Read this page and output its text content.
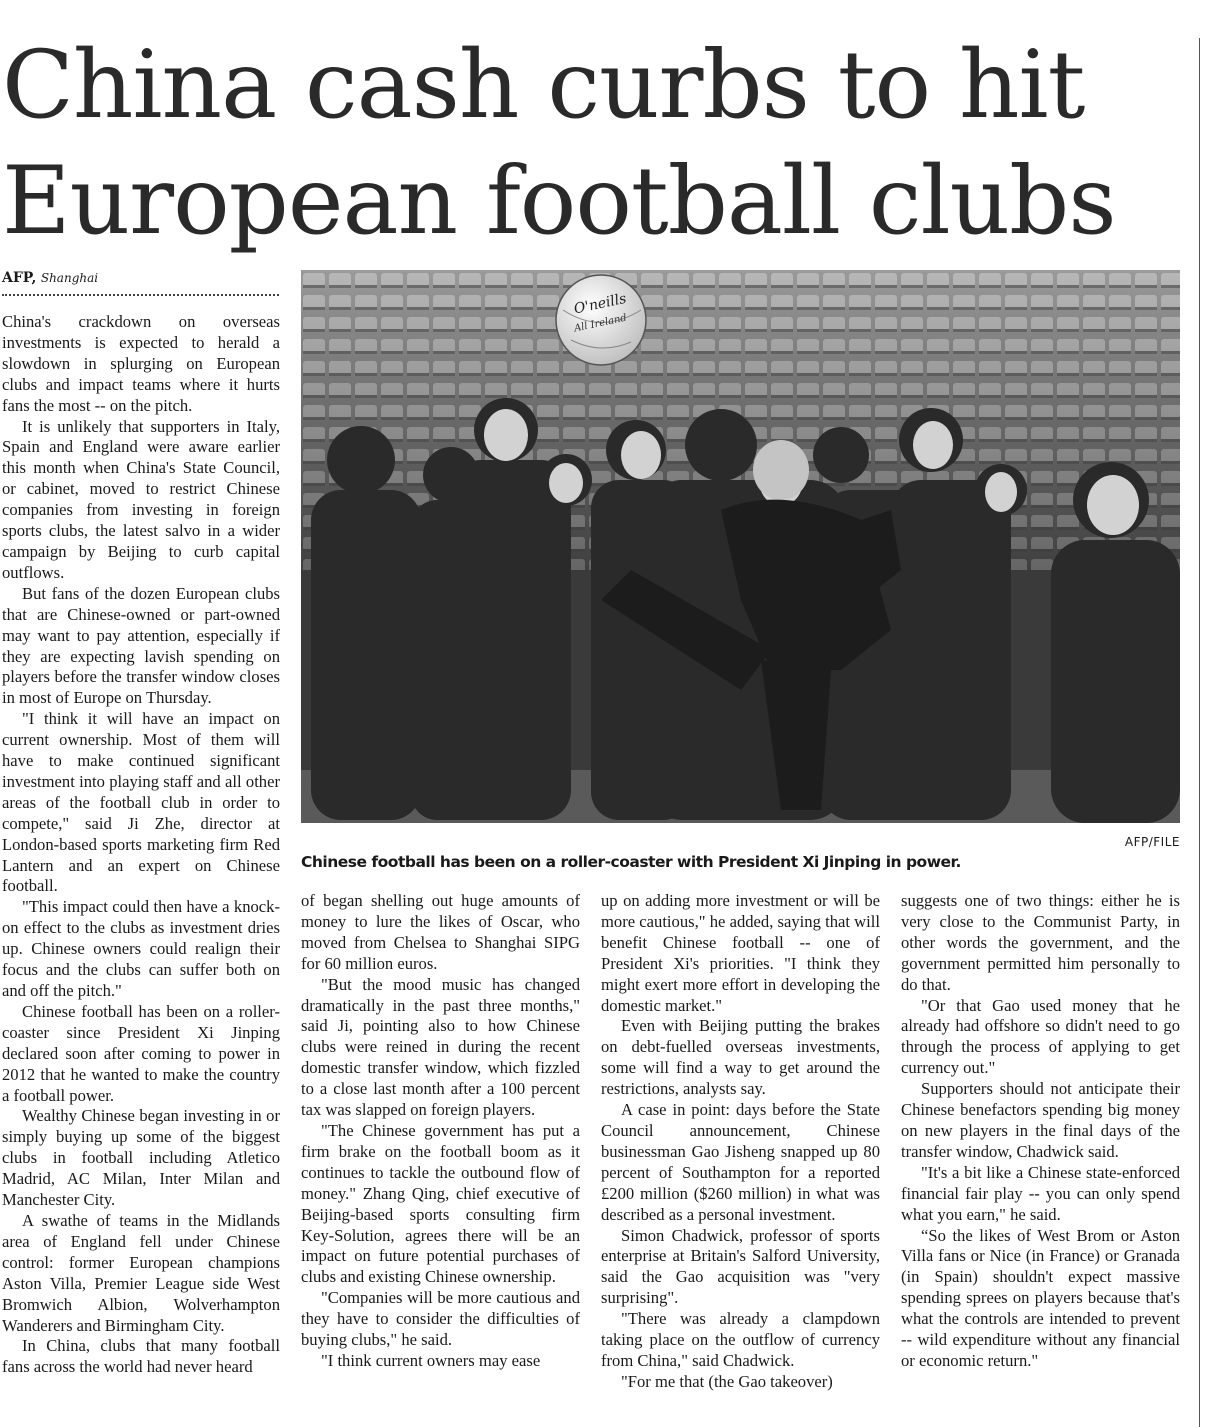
China cash curbs to hit
European football clubs
AFP, Shanghai

China's crackdown on overseas investments is expected to herald a slowdown in splurging on European clubs and impact teams where it hurts fans the most -- on the pitch.

It is unlikely that supporters in Italy, Spain and England were aware earlier this month when China's State Council, or cabinet, moved to restrict Chinese companies from investing in foreign sports clubs, the latest salvo in a wider campaign by Beijing to curb capital outflows.

But fans of the dozen European clubs that are Chinese-owned or part-owned may want to pay attention, especially if they are expecting lavish spending on players before the transfer window closes in most of Europe on Thursday.

"I think it will have an impact on current ownership. Most of them will have to make continued significant investment into playing staff and all other areas of the football club in order to compete," said Ji Zhe, director at London-based sports marketing firm Red Lantern and an expert on Chinese football.

"This impact could then have a knock-on effect to the clubs as investment dries up. Chinese owners could realign their focus and the clubs can suffer both on and off the pitch."

Chinese football has been on a roller-coaster since President Xi Jinping declared soon after coming to power in 2012 that he wanted to make the country a football power.

Wealthy Chinese began investing in or simply buying up some of the biggest clubs in football including Atletico Madrid, AC Milan, Inter Milan and Manchester City.

A swathe of teams in the Midlands area of England fell under Chinese control: former European champions Aston Villa, Premier League side West Bromwich Albion, Wolverhampton Wanderers and Birmingham City.

In China, clubs that many football fans across the world had never heard

O'neills
All Ireland
AFP/FILE
Chinese football has been on a roller-coaster with President Xi Jinping in power.

of began shelling out huge amounts of money to lure the likes of Oscar, who moved from Chelsea to Shanghai SIPG for 60 million euros.

"But the mood music has changed dramatically in the past three months," said Ji, pointing also to how Chinese clubs were reined in during the recent domestic transfer window, which fizzled to a close last month after a 100 percent tax was slapped on foreign players.

"The Chinese government has put a firm brake on the football boom as it continues to tackle the outbound flow of money." Zhang Qing, chief executive of Beijing-based sports consulting firm Key-Solution, agrees there will be an impact on future potential purchases of clubs and existing Chinese ownership.

"Companies will be more cautious and they have to consider the difficulties of buying clubs," he said.

"I think current owners may ease

up on adding more investment or will be more cautious," he added, saying that will benefit Chinese football -- one of President Xi's priorities. "I think they might exert more effort in developing the domestic market."

Even with Beijing putting the brakes on debt-fuelled overseas investments, some will find a way to get around the restrictions, analysts say.

A case in point: days before the State Council announcement, Chinese businessman Gao Jisheng snapped up 80 percent of Southampton for a reported £200 million ($260 million) in what was described as a personal investment.

Simon Chadwick, professor of sports enterprise at Britain's Salford University, said the Gao acquisition was "very surprising".

"There was already a clampdown taking place on the outflow of currency from China," said Chadwick.

"For me that (the Gao takeover)

suggests one of two things: either he is very close to the Communist Party, in other words the government, and the government permitted him personally to do that.

"Or that Gao used money that he already had offshore so didn't need to go through the process of applying to get currency out."

Supporters should not anticipate their Chinese benefactors spending big money on new players in the final days of the transfer window, Chadwick said.

"It's a bit like a Chinese state-enforced financial fair play -- you can only spend what you earn," he said.

“So the likes of West Brom or Aston Villa fans or Nice (in France) or Granada (in Spain) shouldn't expect massive spending sprees on players because that's what the controls are intended to prevent -- wild expenditure without any financial or economic return."
